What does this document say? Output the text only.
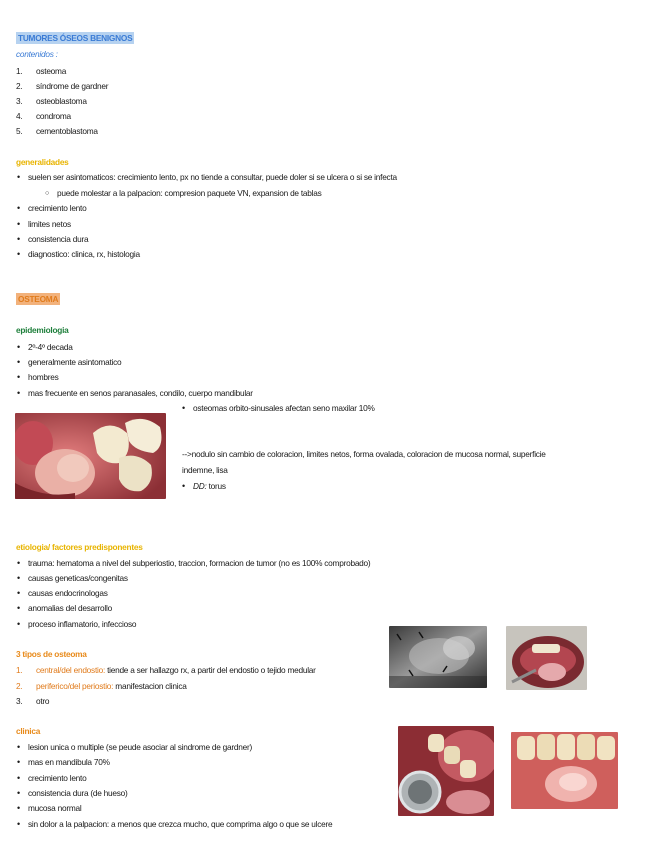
TUMORES ÓSEOS BENIGNOS
contenidos :
1. osteoma
2. síndrome de gardner
3. osteoblastoma
4. condroma
5. cementoblastoma
generalidades
• suelen ser asintomaticos: crecimiento lento, px no tiende a consultar, puede doler si se ulcera o si se infecta
○ puede molestar a la palpacion: compresion paquete VN, expansion de tablas
• crecimiento lento
• limites netos
• consistencia dura
• diagnostico: clinica, rx, histologia
OSTEOMA
epidemiologia
• 2º-4º decada
• generalmente asintomatico
• hombres
• mas frecuente en senos paranasales, condilo, cuerpo mandibular
• osteomas orbito-sinusales afectan seno maxilar 10%
-->nodulo sin cambio de coloracion, limites netos, forma ovalada, coloracion de mucosa normal, superficie
indemne, lisa
• DD: torus
etiologia/ factores predisponentes
• trauma: hematoma a nivel del subperiostio, traccion, formacion de tumor (no es 100% comprobado)
• causas geneticas/congenitas
• causas endocrinologas
• anomalias del desarrollo
• proceso inflamatorio, infeccioso
3 tipos de osteoma
1. central/del endostio: tiende a ser hallazgo rx, a partir del endostio o tejido medular
2. periferico/del periostio: manifestacion clinica
3. otro
clinica
• lesion unica o multiple (se peude asociar al sindrome de gardner)
• mas en mandibula 70%
• crecimiento lento
• consistencia dura (de hueso)
• mucosa normal
• sin dolor a la palpacion: a menos que crezca mucho, que comprima algo o que se ulcere
